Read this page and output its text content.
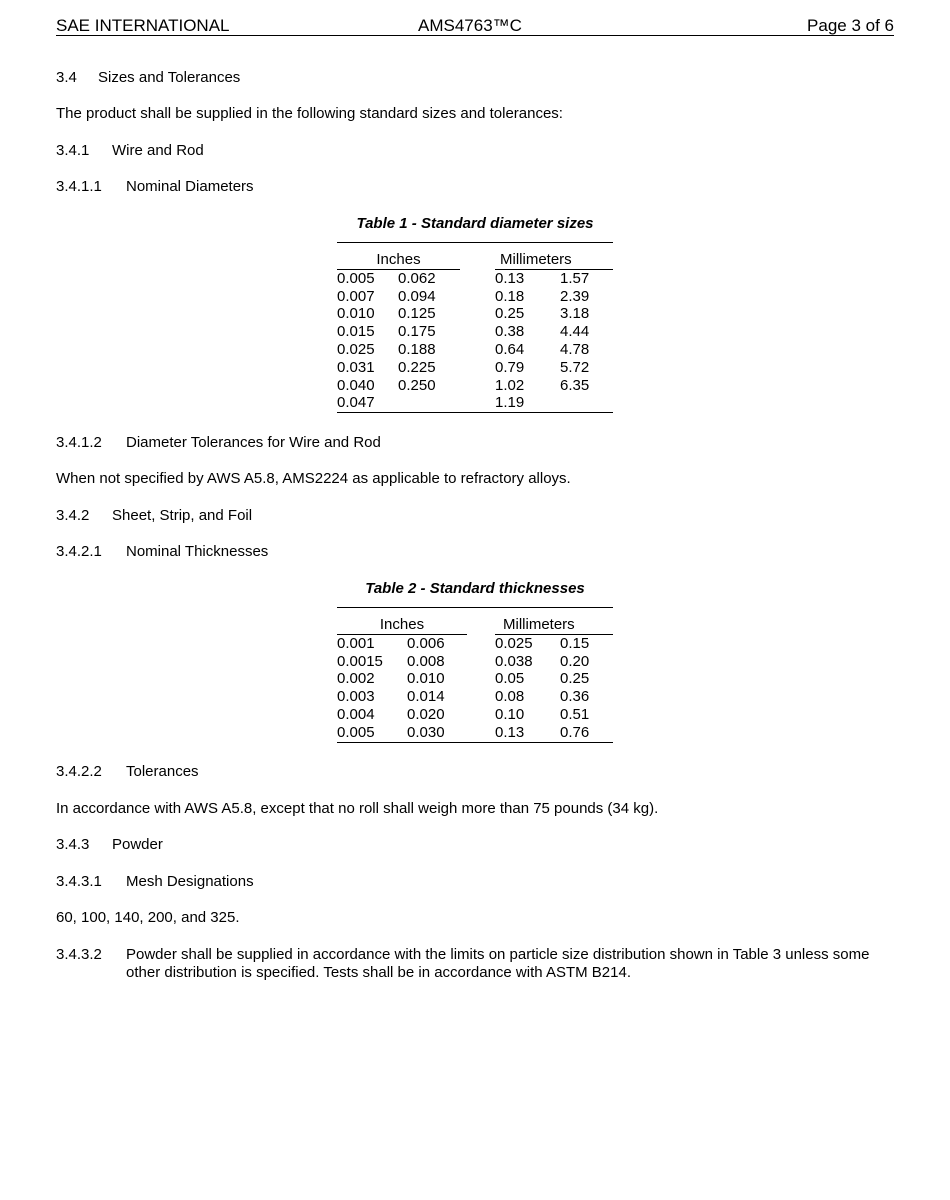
SAE INTERNATIONAL	AMS4763™C	Page 3 of 6
3.4 Sizes and Tolerances
The product shall be supplied in the following standard sizes and tolerances:
3.4.1 Wire and Rod
3.4.1.1 Nominal Diameters
Table 1 - Standard diameter sizes

Inches			Millimeters	
0.005	0.062		0.13	1.57
0.007	0.094		0.18	2.39
0.010	0.125		0.25	3.18
0.015	0.175		0.38	4.44
0.025	0.188		0.64	4.78
0.031	0.225		0.79	5.72
0.040	0.250		1.02	6.35
0.047			1.19	
3.4.1.2 Diameter Tolerances for Wire and Rod
When not specified by AWS A5.8, AMS2224 as applicable to refractory alloys.
3.4.2 Sheet, Strip, and Foil
3.4.2.1 Nominal Thicknesses
Table 2 - Standard thicknesses

Inches			Millimeters	
0.001	0.006		0.025	0.15
0.0015	0.008		0.038	0.20
0.002	0.010		0.05	0.25
0.003	0.014		0.08	0.36
0.004	0.020		0.10	0.51
0.005	0.030		0.13	0.76
3.4.2.2 Tolerances
In accordance with AWS A5.8, except that no roll shall weigh more than 75 pounds (34 kg).
3.4.3 Powder
3.4.3.1 Mesh Designations
60, 100, 140, 200, and 325.
3.4.3.2 Powder shall be supplied in accordance with the limits on particle size distribution shown in Table 3 unless some other distribution is specified. Tests shall be in accordance with ASTM B214.
